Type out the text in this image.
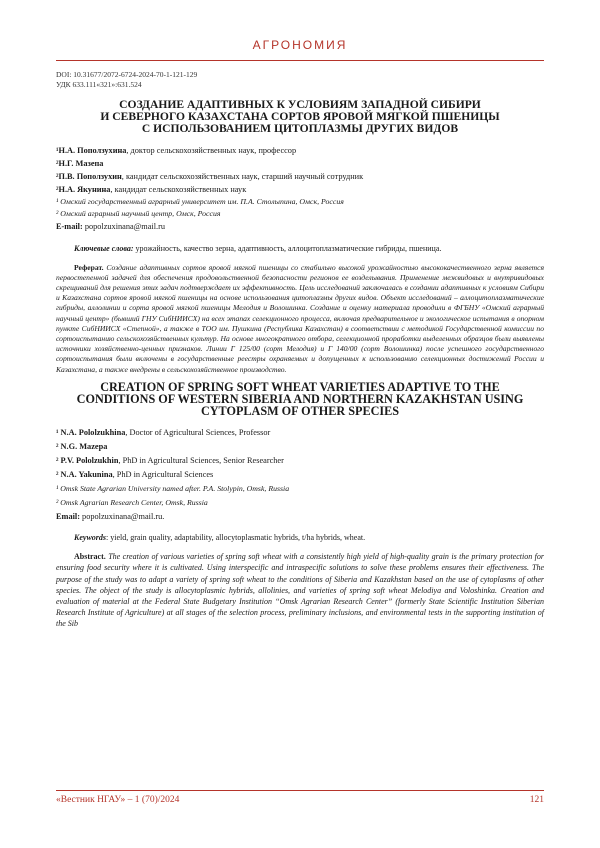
АГРОНОМИЯ
DOI: 10.31677/2072-6724-2024-70-1-121-129
УДК 633.111«321»:631.524
СОЗДАНИЕ АДАПТИВНЫХ К УСЛОВИЯМ ЗАПАДНОЙ СИБИРИ
И СЕВЕРНОГО КАЗАХСТАНА СОРТОВ ЯРОВОЙ МЯГКОЙ ПШЕНИЦЫ
С ИСПОЛЬЗОВАНИЕМ ЦИТОПЛАЗМЫ ДРУГИХ ВИДОВ
¹Н.А. Поползухина, доктор сельскохозяйственных наук, профессор
²Н.Г. Мазепа
²П.В. Поползухин, кандидат сельскохозяйственных наук, старший научный сотрудник
²Н.А. Якунина, кандидат сельскохозяйственных наук
¹ Омский государственный аграрный университет им. П.А. Столыпина, Омск, Россия
² Омский аграрный научный центр, Омск, Россия
E-mail: popolzuxinana@mail.ru
Ключевые слова: урожайность, качество зерна, адаптивность, аллоцитоплазматические гибриды, пшеница.
Реферат. Создание адаптивных сортов яровой мягкой пшеницы со стабильно высокой урожайностью высококачественного зерна является первостепенной задачей для обеспечения продовольственной безопасности регионов ее возделывания. Применение межвидовых и внутривидовых скрещиваний для решения этих задач подтверждает их эффективность. Цель исследований заключалась в создании адаптивных к условиям Сибири и Казахстана сортов яровой мягкой пшеницы на основе использования цитоплазмы других видов. Объект исследований – аллоцитоплазматические гибриды, аллолинии и сорта яровой мягкой пшеницы Мелодия и Волошинка. Создание и оценку материала проводили в ФГБНУ «Омский аграрный научный центр» (бывший ГНУ СибНИИСХ) на всех этапах селекционного процесса, включая предварительное и экологическое испытания в опорном пункте СибНИИСХ «Степной», а также в ТОО им. Пушкина (Республика Казахстан) в соответствии с методикой Государственной комиссии по сортоиспытанию сельскохозяйственных культур. На основе многократного отбора, селекционной проработки выделенных образцов были выявлены источники хозяйственно-ценных признаков. Линии Г 125/00 (сорт Мелодия) и Г 140/00 (сорт Волошинка) после успешного государственного сортоиспытания были включены в государственные реестры охраняемых и допущенных к использованию селекционных достижений России и Казахстана, а также внедрены в сельскохозяйственное производство.
CREATION OF SPRING SOFT WHEAT VARIETIES ADAPTIVE TO THE
CONDITIONS OF WESTERN SIBERIA AND NORTHERN KAZAKHSTAN USING
CYTOPLASM OF OTHER SPECIES
¹ N.A. Pololzukhina, Doctor of Agricultural Sciences, Professor
² N.G. Mazepa
² P.V. Pololzukhin, PhD in Agricultural Sciences, Senior Researcher
² N.A. Yakunina, PhD in Agricultural Sciences
¹ Omsk State Agrarian University named after. P.A. Stolypin, Omsk, Russia
² Omsk Agrarian Research Center, Omsk, Russia
Email: popolzuxinana@mail.ru.
Keywords: yield, grain quality, adaptability, allocytoplasmatic hybrids, t/ha hybrids, wheat.
Abstract. The creation of various varieties of spring soft wheat with a consistently high yield of high-quality grain is the primary protection for ensuring food security where it is cultivated. Using interspecific and intraspecific solutions to solve these problems ensures their effectiveness. The purpose of the study was to adapt a variety of spring soft wheat to the conditions of Siberia and Kazakhstan based on the use of cytoplasms of other species. The object of the study is allocytoplasmic hybrids, allolinies, and varieties of spring soft wheat Melodiya and Voloshinka. Creation and evaluation of material at the Federal State Budgetary Institution “Omsk Agrarian Research Center” (formerly State Scientific Institution Siberian Research Institute of Agriculture) at all stages of the selection process, preliminary inclusions, and environmental tests in the supporting institution of the Sib
«Вестник НГАУ» – 1 (70)/2024	121
